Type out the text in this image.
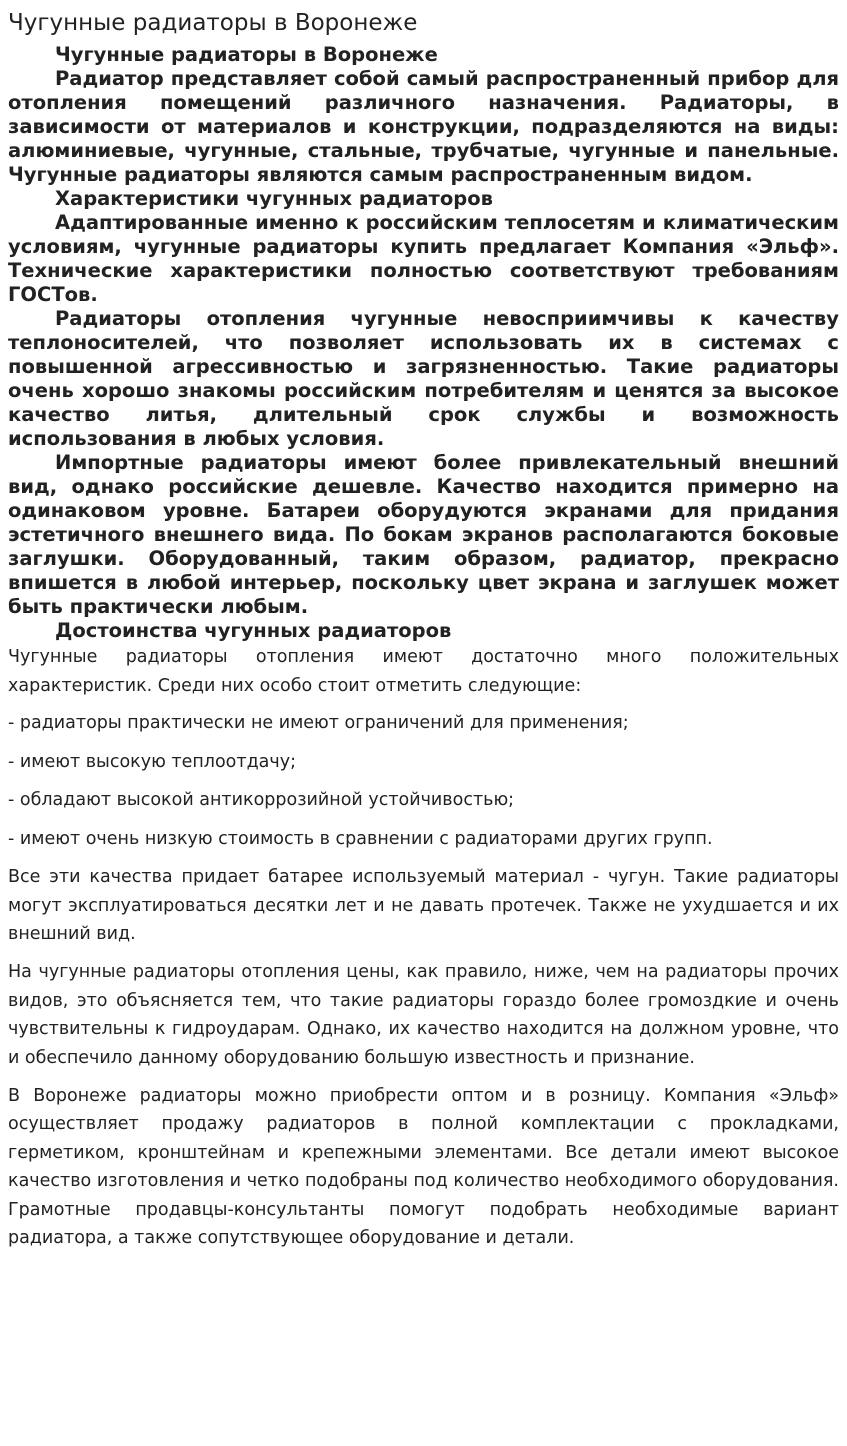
Чугунные радиаторы в Воронеже

Чугунные радиаторы в Воронеже

Радиатор представляет собой самый распространенный прибор для отопления помещений различного назначения. Радиаторы, в зависимости от материалов и конструкции, подразделяются на виды: алюминиевые, чугунные, стальные, трубчатые, чугунные и панельные. Чугунные радиаторы являются самым распространенным видом.

Характеристики чугунных радиаторов

Адаптированные именно к российским теплосетям и климатическим условиям, чугунные радиаторы купить предлагает Компания «Эльф». Технические характеристики полностью соответствуют требованиям ГОСТов.

Радиаторы отопления чугунные невосприимчивы к качеству теплоносителей, что позволяет использовать их в системах с повышенной агрессивностью и загрязненностью. Такие радиаторы очень хорошо знакомы российским потребителям и ценятся за высокое качество литья, длительный срок службы и возможность использования в любых условия.

Импортные радиаторы имеют более привлекательный внешний вид, однако российские дешевле. Качество находится примерно на одинаковом уровне. Батареи оборудуются экранами для придания эстетичного внешнего вида. По бокам экранов располагаются боковые заглушки. Оборудованный, таким образом, радиатор, прекрасно впишется в любой интерьер, поскольку цвет экрана и заглушек может быть практически любым.

Достоинства чугунных радиаторов

Чугунные радиаторы отопления имеют достаточно много положительных характеристик. Среди них особо стоит отметить следующие:

- радиаторы практически не имеют ограничений для применения;

- имеют высокую теплоотдачу;

- обладают высокой антикоррозийной устойчивостью;

- имеют очень низкую стоимость в сравнении с радиаторами других групп.

Все эти качества придает батарее используемый материал - чугун. Такие радиаторы могут эксплуатироваться десятки лет и не давать протечек. Также не ухудшается и их внешний вид.

На чугунные радиаторы отопления цены, как правило, ниже, чем на радиаторы прочих видов, это объясняется тем, что такие радиаторы гораздо более громоздкие и очень чувствительны к гидроударам. Однако, их качество находится на должном уровне, что и обеспечило данному оборудованию большую известность и признание.

В Воронеже радиаторы можно приобрести оптом и в розницу. Компания «Эльф» осуществляет продажу радиаторов в полной комплектации с прокладками, герметиком, кронштейнам и крепежными элементами. Все детали имеют высокое качество изготовления и четко подобраны под количество необходимого оборудования. Грамотные продавцы-консультанты помогут подобрать необходимые вариант радиатора, а также сопутствующее оборудование и детали.
